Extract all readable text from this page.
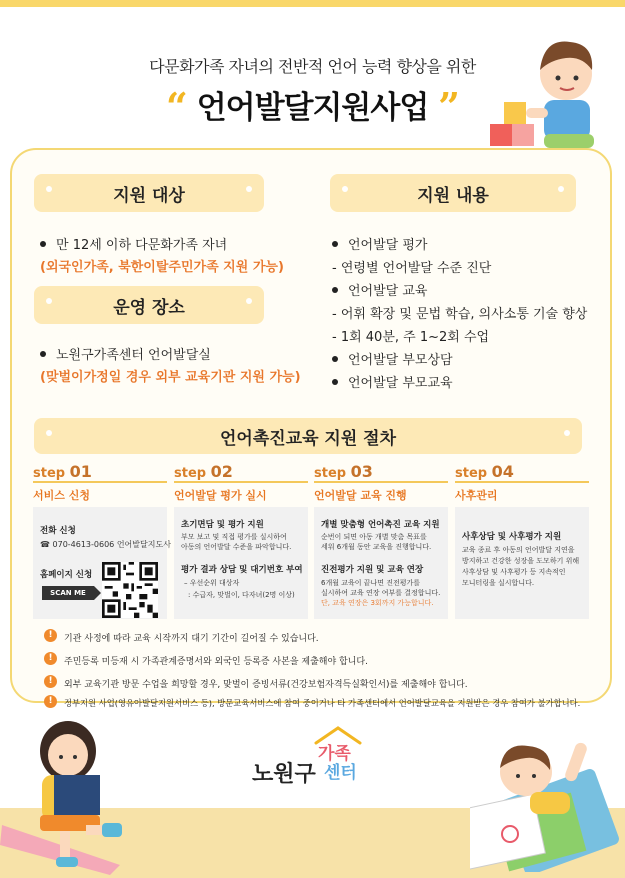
다문화가족 자녀의 전반적 언어 능력 향상을 위한
“ 언어발달지원사업 ”
지원 대상
만 12세 이하 다문화가족 자녀
(외국인가족, 북한이탈주민가족 지원 가능)
운영 장소
노원구가족센터 언어발달실
(맞벌이가정일 경우 외부 교육기관 지원 가능)
지원 내용
언어발달 평가
- 연령별 언어발달 수준 진단
언어발달 교육
- 어휘 확장 및 문법 학습, 의사소통 기술 향상
- 1회 40분, 주 1~2회 수업
언어발달 부모상담
언어발달 부모교육
언어촉진교육 지원 절차
step 01	step 02	step 03	step 04
서비스 신청	언어발달 평가 실시	언어발달 교육 진행	사후관리
전화 신청
☎ 070-4613-0606 언어발달지도사
홈페이지 신청
SCAN ME
초기면담 및 평가 지원
부모 보고 및 직접 평가를 실시하여
아동의 언어발달 수준을 파악합니다.
평가 결과 상담 및 대기번호 부여
– 우선순위 대상자
: 수급자, 맞벌이, 다자녀(2명 이상)
개별 맞춤형 언어촉진 교육 지원
순번이 되면 아동 개별 맞춤 목표를
세워 6개월 동안 교육을 진행합니다.
진전평가 지원 및 교육 연장
6개월 교육이 끝나면 진전평가를
실시하여 교육 연장 여부를 결정합니다.
단, 교육 연장은 3회까지 가능합니다.
사후상담 및 사후평가 지원
교육 종료 후 아동의 언어발달 지연을
방지하고 건강한 성장을 도모하기 위해
사후상담 및 사후평가 등 지속적인
모니터링을 실시합니다.
!	기관 사정에 따라 교육 시작까지 대기 기간이 길어질 수 있습니다.
!	주민등록 미등재 시 가족관계증명서와 외국인 등록증 사본을 제출해야 합니다.
!	외부 교육기관 방문 수업을 희망할 경우, 맞벌이 증빙서류(건강보험자격득실확인서)를 제출해야 합니다.
!	정부지원 사업(영유아발달지원서비스 등), 방문교육서비스에 참여 중이거나 타 가족센터에서 언어발달교육을 지원받은 경우 참여가 불가합니다.
노원구
가족
센터
